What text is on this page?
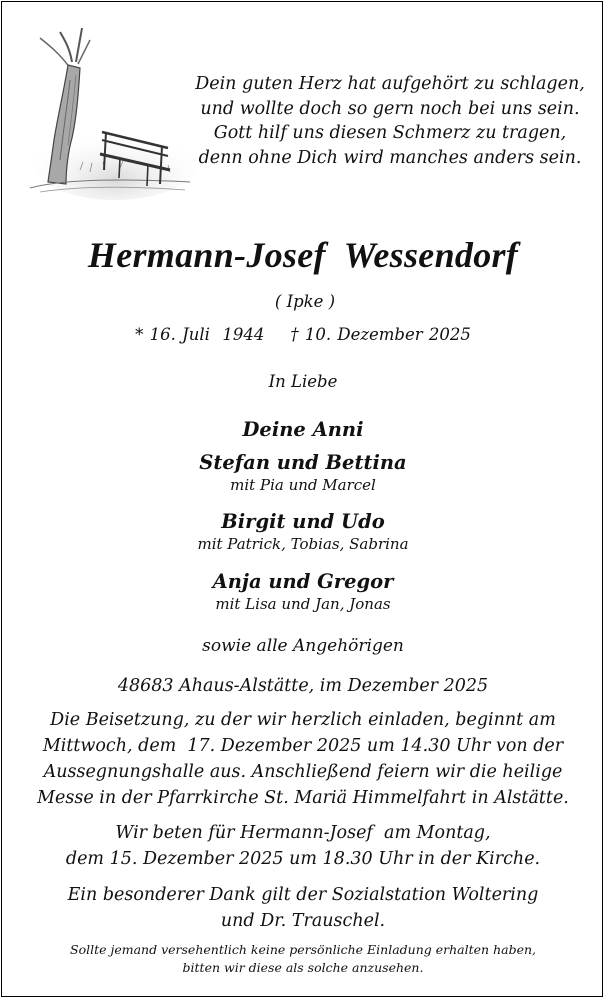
Dein guten Herz hat aufgehört zu schlagen,
und wollte doch so gern noch bei uns sein.
Gott hilf uns diesen Schmerz zu tragen,
denn ohne Dich wird manches anders sein.
Hermann-Josef  Wessendorf
( Ipke )
* 16. Juli  1944 † 10. Dezember 2025
In Liebe
Deine Anni
Stefan und Bettina
mit Pia und Marcel
Birgit und Udo
mit Patrick, Tobias, Sabrina
Anja und Gregor
mit Lisa und Jan, Jonas
sowie alle Angehörigen
48683 Ahaus-Alstätte, im Dezember 2025
Die Beisetzung, zu der wir herzlich einladen, beginnt am
Mittwoch, dem  17. Dezember 2025 um 14.30 Uhr von der
Aussegnungshalle aus. Anschließend feiern wir die heilige
Messe in der Pfarrkirche St. Mariä Himmelfahrt in Alstätte.
Wir beten für Hermann-Josef  am Montag,
dem 15. Dezember 2025 um 18.30 Uhr in der Kirche.
Ein besonderer Dank gilt der Sozialstation Woltering
und Dr. Trauschel.
Sollte jemand versehentlich keine persönliche Einladung erhalten haben,
bitten wir diese als solche anzusehen.
